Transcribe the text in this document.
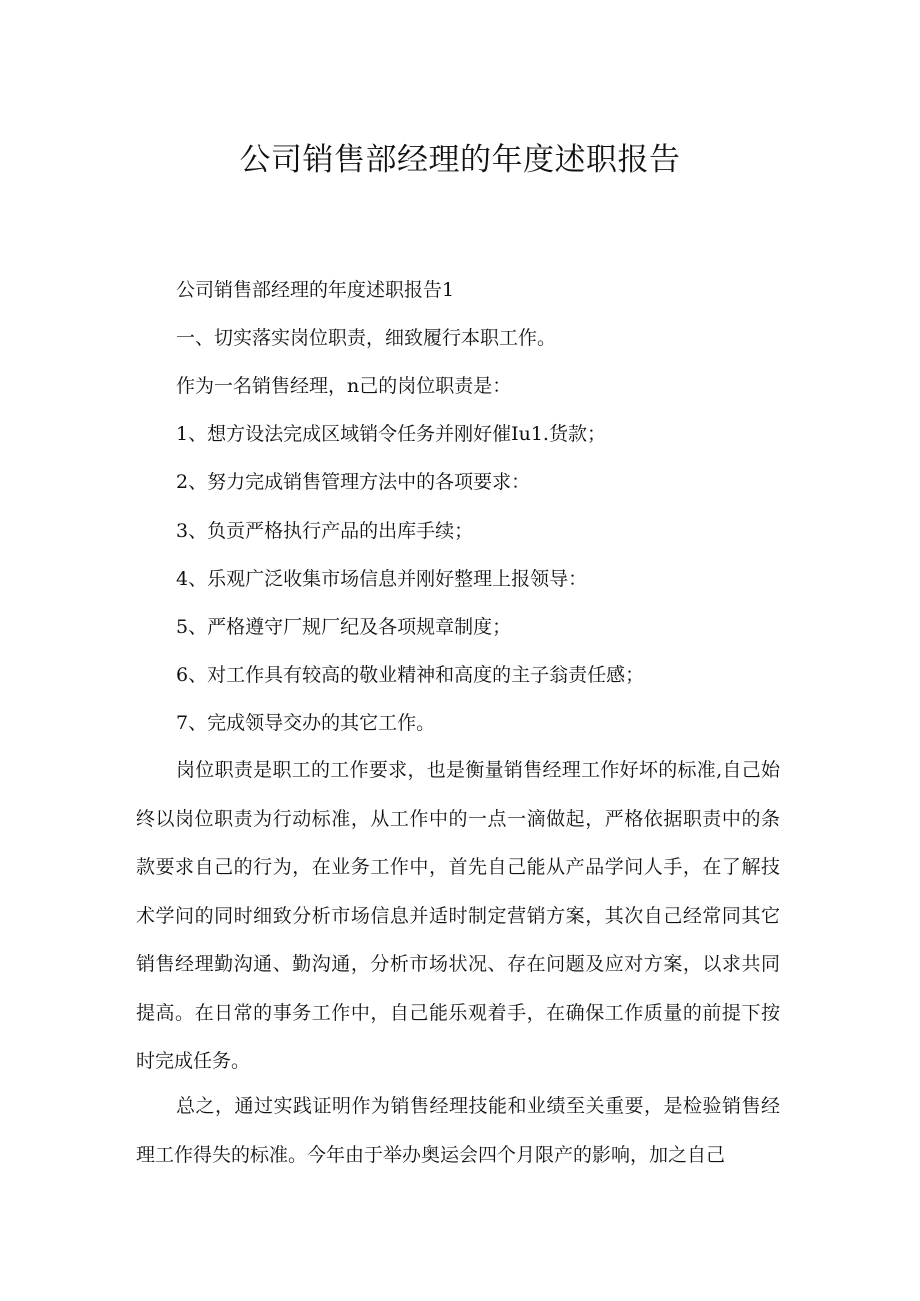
公司销售部经理的年度述职报告
公司销售部经理的年度述职报告1
一、切实落实岗位职责，细致履行本职工作。
作为一名销售经理，n己的岗位职责是：
1、想方设法完成区域销令任务并刚好催Iu1.货款；
2、努力完成销售管理方法中的各项要求：
3、负贡严格执行产品的出库手续；
4、乐观广泛收集市场信息并刚好整理上报领导：
5、严格遵守厂规厂纪及各项规章制度；
6、对工作具有较高的敬业精神和高度的主子翁责任感；
7、完成领导交办的其它工作。

岗位职责是职工的工作要求，也是衡量销售经理工作好坏的标准,自己始终以岗位职责为行动标准，从工作中的一点一滴做起，严格依据职责中的条款要求自己的行为，在业务工作中，首先自己能从产品学问人手，在了解技术学问的同时细致分析市场信息并适时制定营销方案，其次自己经常同其它销售经理勤沟通、勤沟通，分析市场状况、存在问题及应对方案，以求共同提高。在日常的事务工作中，自己能乐观着手，在确保工作质量的前提下按时完成任务。

总之，通过实践证明作为销售经理技能和业绩至关重要，是检验销售经理工作得失的标准。今年由于举办奥运会四个月限产的影响，加之自己
